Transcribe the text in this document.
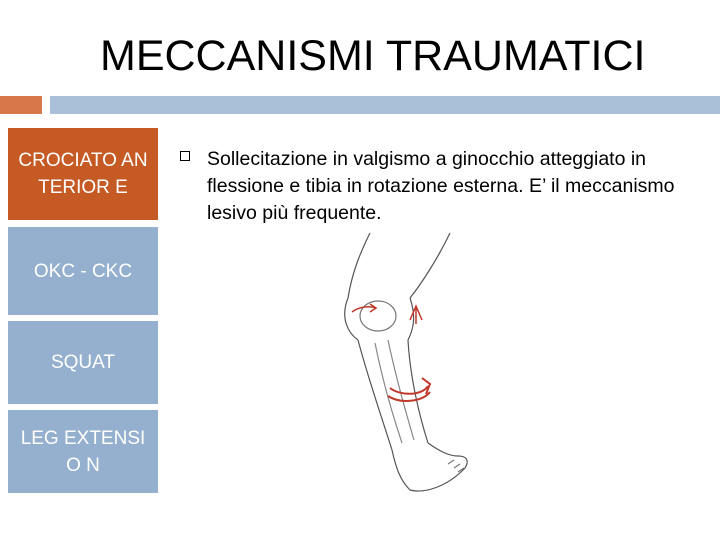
MECCANISMI TRAUMATICI
CROCIATO ANTERIOR E
OKC - CKC
SQUAT
LEG EXTENSIO N
Sollecitazione in valgismo a ginocchio atteggiato in flessione e tibia in rotazione esterna. E’ il meccanismo lesivo più frequente.
